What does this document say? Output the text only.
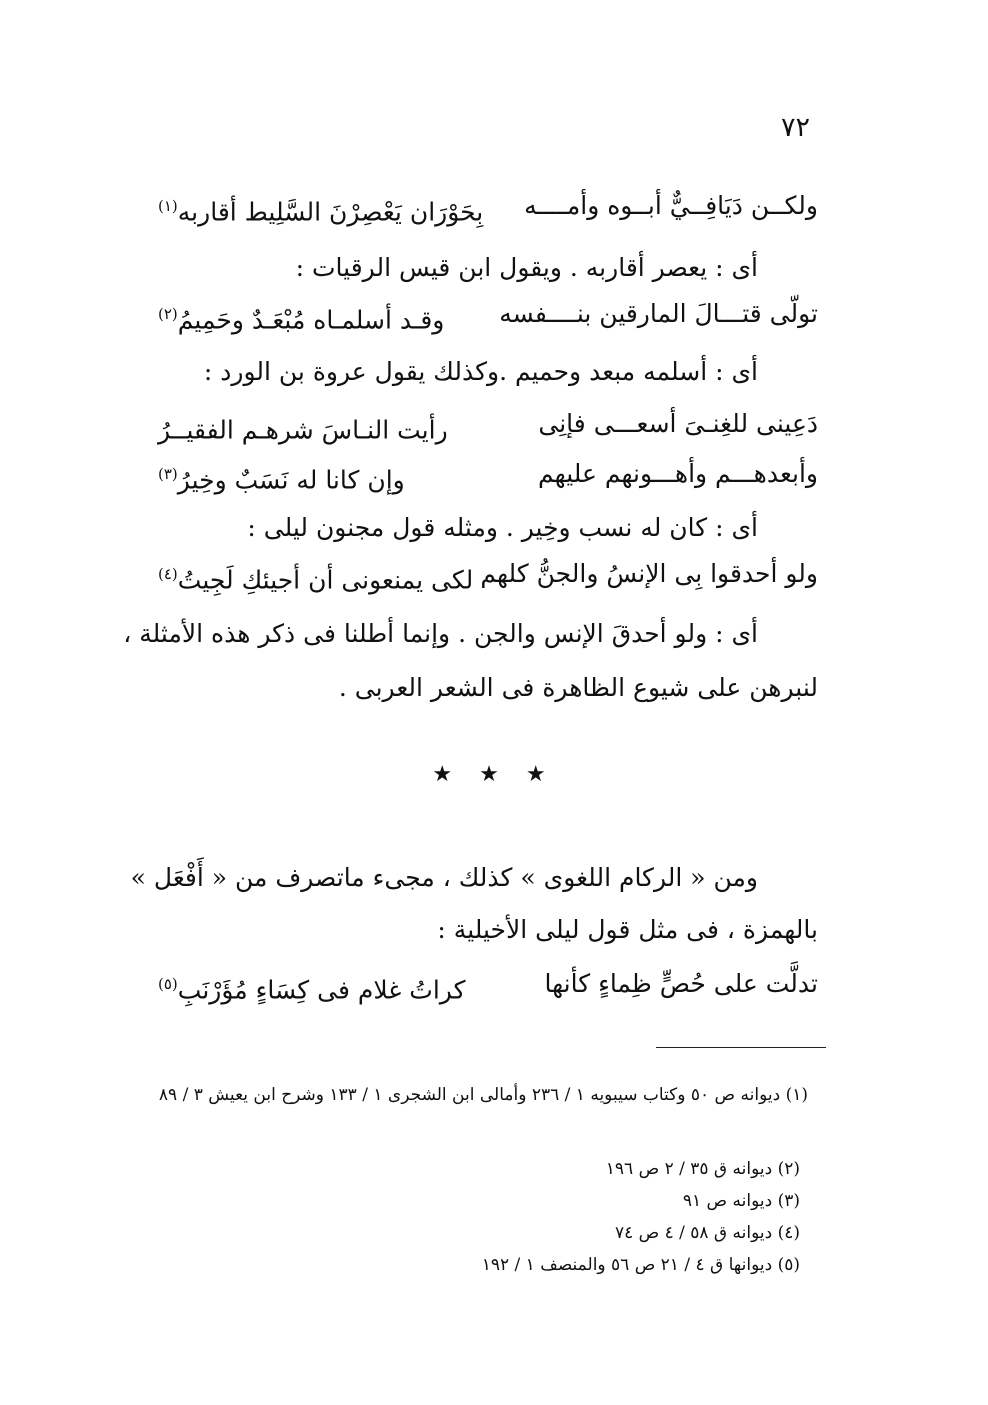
٧٢
ولكــن دَيَافِــيٌّ أبــوه وأمــــه
بِحَوْرَان يَعْصِرْنَ السَّلِيط أقاربه$^{(١)}$
أى : يعصر أقاربه . ويقول ابن قيس الرقيات :
تولّى قتـــالَ المارقين بنــــفسه
وقـد أسلمـاه مُبْعَـدٌ وحَمِيمُ$^{(٢)}$
أى : أسلمه مبعد وحميم .وكذلك يقول عروة بن الورد :
دَعِينى للغِنـىَ أسعـــى فإنِى
رأيت النـاسَ شرهـم الفقيــرُ
وأبعدهـــم وأهـــونهم عليهم
وإن كانا له نَسَبٌ وخِيرُ$^{(٣)}$
أى : كان له نسب وخِير . ومثله قول مجنون ليلى :
ولو أحدقوا بِى الإنسُ والجنُّ كلهم
لكى يمنعونى أن أجيئكِ لَجِيتُ$^{(٤)}$
أى : ولو أحدقَ الإنس والجن . وإنما أطلنا فى ذكر هذه الأمثلة ،
لنبرهن على شيوع الظاهرة فى الشعر العربى .
★ ★ ★
ومن « الركام اللغوى » كذلك ، مجىء ماتصرف من « أَفْعَل »
بالهمزة ، فى مثل قول ليلى الأخيلية :
تدلَّت على حُصٍّ ظِماءٍ كأنها
كراتُ غلام فى كِسَاءٍ مُؤَرْنَبِ$^{(٥)}$
(١) ديوانه ص ٥٠ وكتاب سيبويه ١ / ٢٣٦ وأمالى ابن الشجرى ١ / ١٣٣ وشرح ابن يعيش ٣ / ٨٩
(٢) ديوانه ق ٣٥ / ٢ ص ١٩٦
(٣) ديوانه ص ٩١
(٤) ديوانه ق ٥٨ / ٤ ص ٧٤
(٥) ديوانها ق ٤ / ٢١ ص ٥٦ والمنصف ١ / ١٩٢
